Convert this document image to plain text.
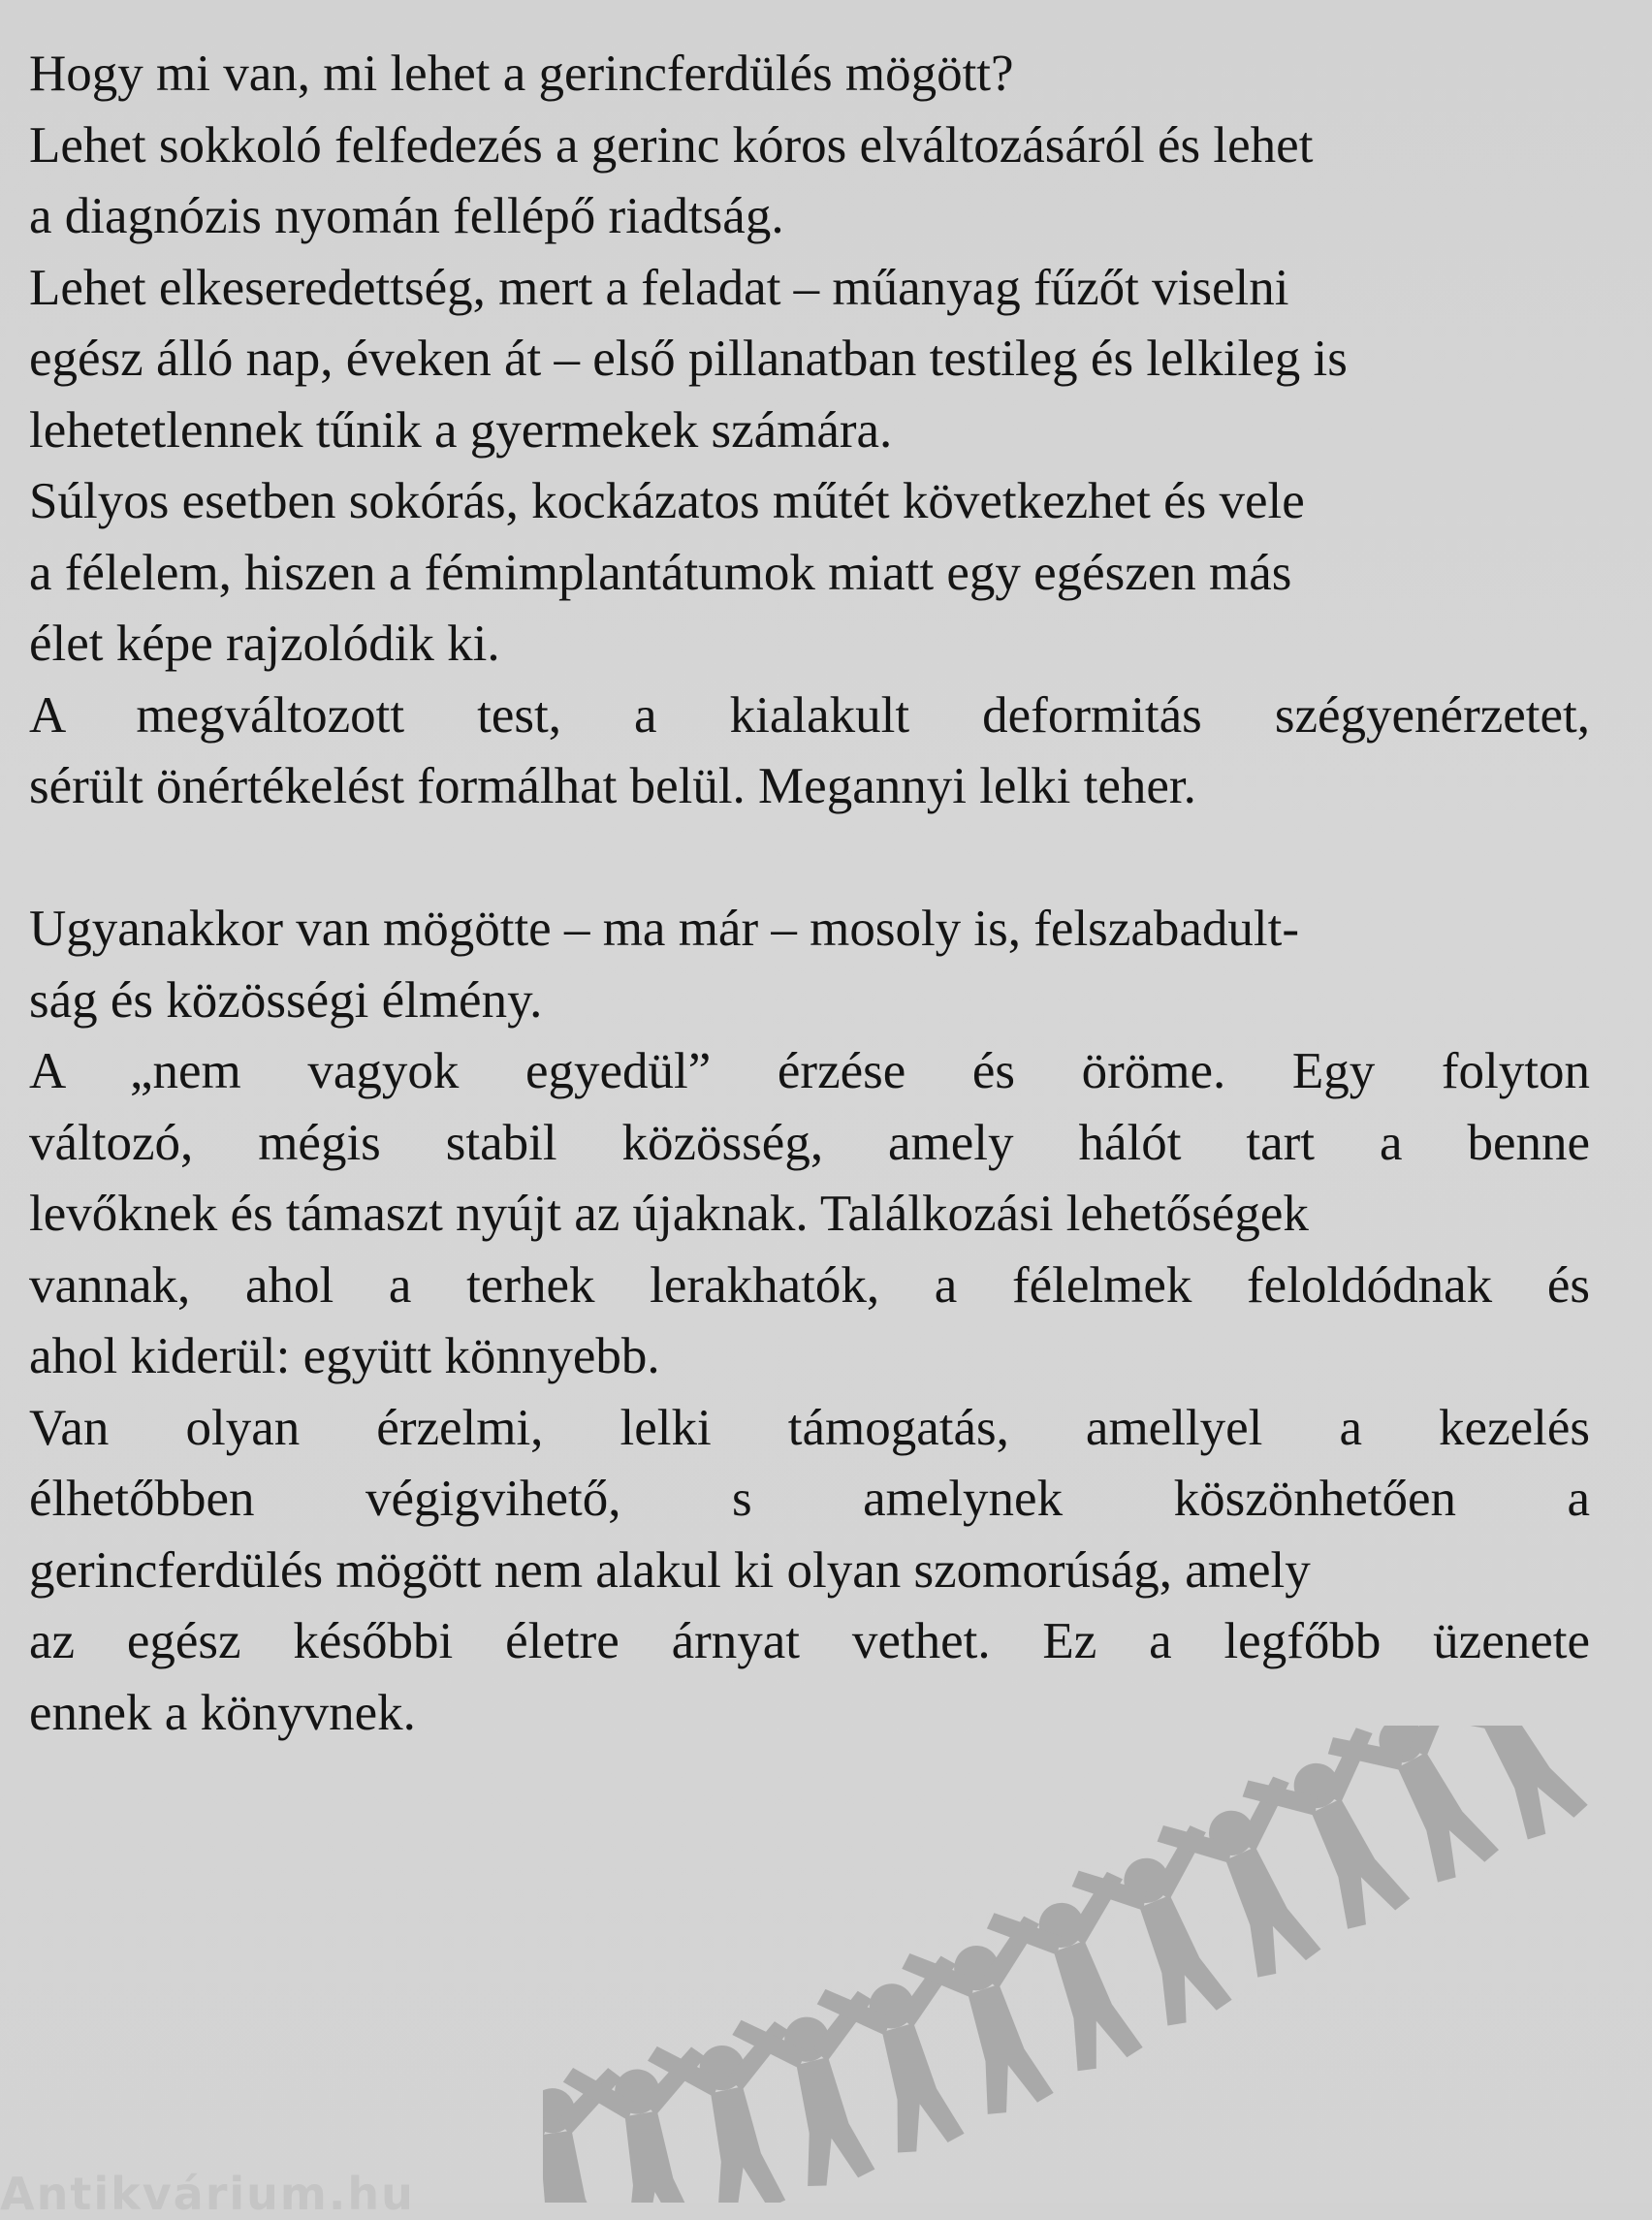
Hogy mi van, mi lehet a gerincferdülés mögött?
Lehet sokkoló felfedezés a gerinc kóros elváltozásáról és lehet
a diagnózis nyomán fellépő riadtság.
Lehet elkeseredettség, mert a feladat – műanyag fűzőt viselni
egész álló nap, éveken át – első pillanatban testileg és lelkileg is
lehetetlennek tűnik a gyermekek számára.
Súlyos esetben sokórás, kockázatos műtét következhet és vele
a félelem, hiszen a fémimplantátumok miatt egy egészen más
élet képe rajzolódik ki.
A megváltozott test, a kialakult deformitás szégyenérzetet,
sérült önértékelést formálhat belül. Megannyi lelki teher.
Ugyanakkor van mögötte – ma már – mosoly is, felszabadult-
ság és közösségi élmény.
A „nem vagyok egyedül” érzése és öröme. Egy folyton
változó, mégis stabil közösség, amely hálót tart a benne
levőknek és támaszt nyújt az újaknak. Találkozási lehetőségek
vannak, ahol a terhek lerakhatók, a félelmek feloldódnak és
ahol kiderül: együtt könnyebb.
Van olyan érzelmi, lelki támogatás, amellyel a kezelés
élhetőbben végigvihető, s amelynek köszönhetően a
gerincferdülés mögött nem alakul ki olyan szomorúság, amely
az egész későbbi életre árnyat vethet. Ez a legfőbb üzenete
ennek a könyvnek.
Antikvárium.hu
